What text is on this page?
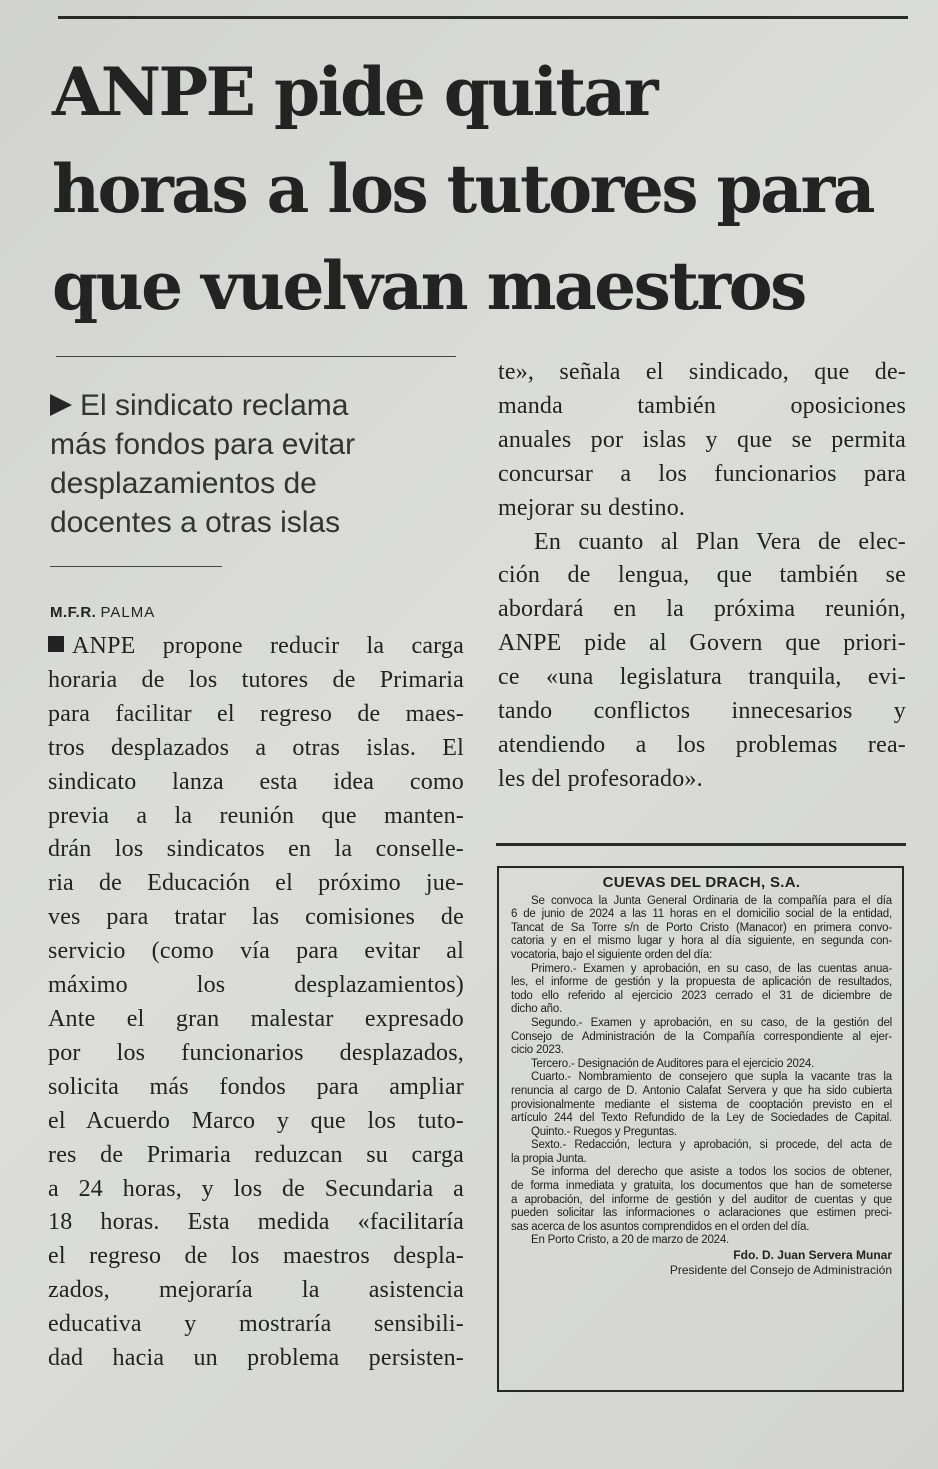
ANPE pide quitar
horas a los tutores para
que vuelvan maestros
El sindicato reclama
más fondos para evitar
desplazamientos de
docentes a otras islas
M.F.R. PALMA
ANPE propone reducir la carga
horaria de los tutores de Primaria
para facilitar el regreso de maes-
tros desplazados a otras islas. El
sindicato lanza esta idea como
previa a la reunión que manten-
drán los sindicatos en la conselle-
ria de Educación el próximo jue-
ves para tratar las comisiones de
servicio (como vía para evitar al
máximo los desplazamientos)
Ante el gran malestar expresado
por los funcionarios desplazados,
solicita más fondos para ampliar
el Acuerdo Marco y que los tuto-
res de Primaria reduzcan su carga
a 24 horas, y los de Secundaria a
18 horas. Esta medida «facilitaría
el regreso de los maestros despla-
zados, mejoraría la asistencia
educativa y mostraría sensibili-
dad hacia un problema persisten-
te», señala el sindicado, que de-
manda también oposiciones
anuales por islas y que se permita
concursar a los funcionarios para
mejorar su destino.
En cuanto al Plan Vera de elec-
ción de lengua, que también se
abordará en la próxima reunión,
ANPE pide al Govern que priori-
ce «una legislatura tranquila, evi-
tando conflictos innecesarios y
atendiendo a los problemas rea-
les del profesorado».
CUEVAS DEL DRACH, S.A.
Se convoca la Junta General Ordinaria de la compañía para el día
6 de junio de 2024 a las 11 horas en el domicilio social de la entidad,
Tancat de Sa Torre s/n de Porto Cristo (Manacor) en primera convo-
catoria y en el mismo lugar y hora al día siguiente, en segunda con-
vocatoria, bajo el siguiente orden del día:
Primero.- Examen y aprobación, en su caso, de las cuentas anua-
les, el informe de gestión y la propuesta de aplicación de resultados,
todo ello referido al ejercicio 2023 cerrado el 31 de diciembre de
dicho año.
Segundo.- Examen y aprobación, en su caso, de la gestión del
Consejo de Administración de la Compañía correspondiente al ejer-
cicio 2023.
Tercero.- Designación de Auditores para el ejercicio 2024.
Cuarto.- Nombramiento de consejero que supla la vacante tras la
renuncia al cargo de D. Antonio Calafat Servera y que ha sido cubierta
provisionalmente mediante el sistema de cooptación previsto en el
artículo 244 del Texto Refundido de la Ley de Sociedades de Capital.
Quinto.- Ruegos y Preguntas.
Sexto.- Redacción, lectura y aprobación, si procede, del acta de
la propia Junta.
Se informa del derecho que asiste a todos los socios de obtener,
de forma inmediata y gratuita, los documentos que han de someterse
a aprobación, del informe de gestión y del auditor de cuentas y que
pueden solicitar las informaciones o aclaraciones que estimen preci-
sas acerca de los asuntos comprendidos en el orden del día.
En Porto Cristo, a 20 de marzo de 2024.
Fdo. D. Juan Servera Munar
Presidente del Consejo de Administración
